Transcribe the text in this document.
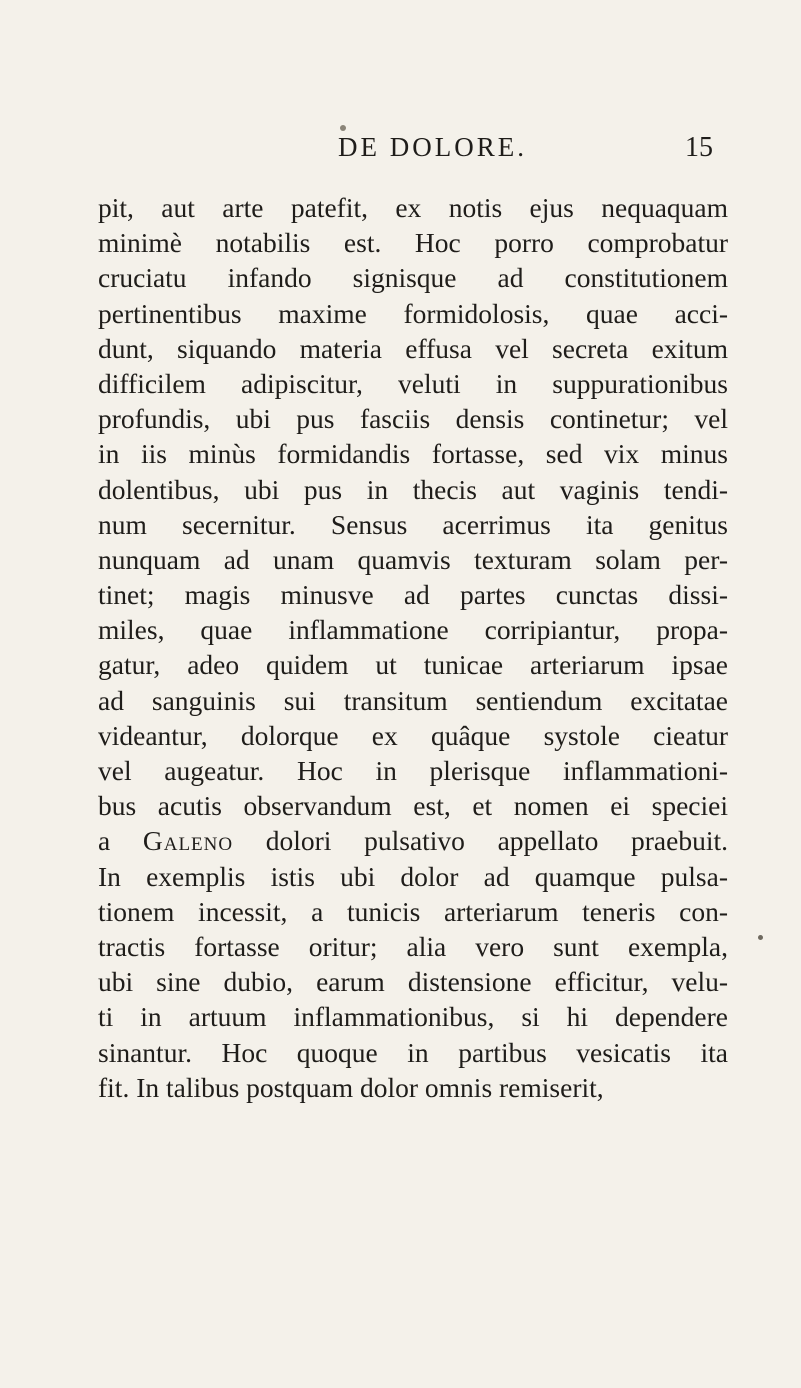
DE DOLORE.	15
pit, aut arte patefit, ex notis ejus nequaquam
minimè notabilis est. Hoc porro comprobatur
cruciatu infando signisque ad constitutionem
pertinentibus maxime formidolosis, quae acci-
dunt, siquando materia effusa vel secreta exitum
difficilem adipiscitur, veluti in suppurationibus
profundis, ubi pus fasciis densis continetur; vel
in iis minùs formidandis fortasse, sed vix minus
dolentibus, ubi pus in thecis aut vaginis tendi-
num secernitur. Sensus acerrimus ita genitus
nunquam ad unam quamvis texturam solam per-
tinet; magis minusve ad partes cunctas dissi-
miles, quae inflammatione corripiantur, propa-
gatur, adeo quidem ut tunicae arteriarum ipsae
ad sanguinis sui transitum sentiendum excitatae
videantur, dolorque ex quâque systole cieatur
vel augeatur. Hoc in plerisque inflammationi-
bus acutis observandum est, et nomen ei speciei
a Galeno dolori pulsativo appellato praebuit.
In exemplis istis ubi dolor ad quamque pulsa-
tionem incessit, a tunicis arteriarum teneris con-
tractis fortasse oritur; alia vero sunt exempla,
ubi sine dubio, earum distensione efficitur, velu-
ti in artuum inflammationibus, si hi dependere
sinantur. Hoc quoque in partibus vesicatis ita
fit. In talibus postquam dolor omnis remiserit,
